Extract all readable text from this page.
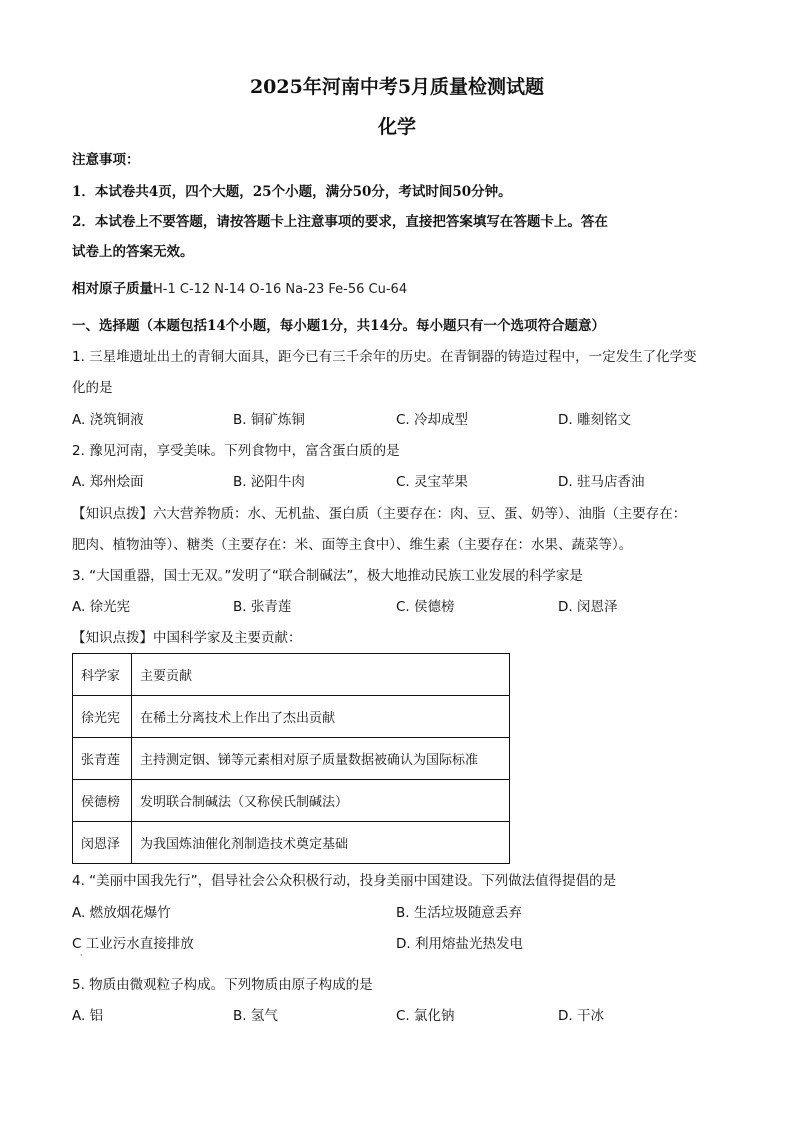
2025年河南中考5月质量检测试题
化学
注意事项：
1．本试卷共4页，四个大题，25个小题，满分50分，考试时间50分钟。
2．本试卷上不要答题，请按答题卡上注意事项的要求，直接把答案填写在答题卡上。答在
试卷上的答案无效。
相对原子质量H-1 C-12 N-14 O-16 Na-23 Fe-56 Cu-64
一、选择题（本题包括14个小题，每小题1分，共14分。每小题只有一个选项符合题意）
1. 三星堆遗址出土的青铜大面具，距今已有三千余年的历史。在青铜器的铸造过程中，一定发生了化学变
化的是
A. 浇筑铜液	B. 铜矿炼铜	C. 冷却成型	D. 雕刻铭文
2. 豫见河南，享受美味。下列食物中，富含蛋白质的是
A. 郑州烩面	B. 泌阳牛肉	C. 灵宝苹果	D. 驻马店香油
【知识点拨】六大营养物质：水、无机盐、蛋白质（主要存在：肉、豆、蛋、奶等）、油脂（主要存在：
肥肉、植物油等）、糖类（主要存在：米、面等主食中）、维生素（主要存在：水果、蔬菜等）。
3. “大国重器，国士无双。”发明了“联合制碱法”，极大地推动民族工业发展的科学家是
A. 徐光宪	B. 张青莲	C. 侯德榜	D. 闵恩泽
【知识点拨】中国科学家及主要贡献：
科学家	主要贡献
徐光宪	在稀土分离技术上作出了杰出贡献
张青莲	主持测定铟、锑等元素相对原子质量数据被确认为国际标准
侯德榜	发明联合制碱法（又称侯氏制碱法）
闵恩泽	为我国炼油催化剂制造技术奠定基础
4. “美丽中国我先行”，倡导社会公众积极行动，投身美丽中国建设。下列做法值得提倡的是
A. 燃放烟花爆竹	B. 生活垃圾随意丢弃
C 工业污水直接排放
·
D. 利用熔盐光热发电
5. 物质由微观粒子构成。下列物质由原子构成的是
A. 铝	B. 氢气	C. 氯化钠	D. 干冰
